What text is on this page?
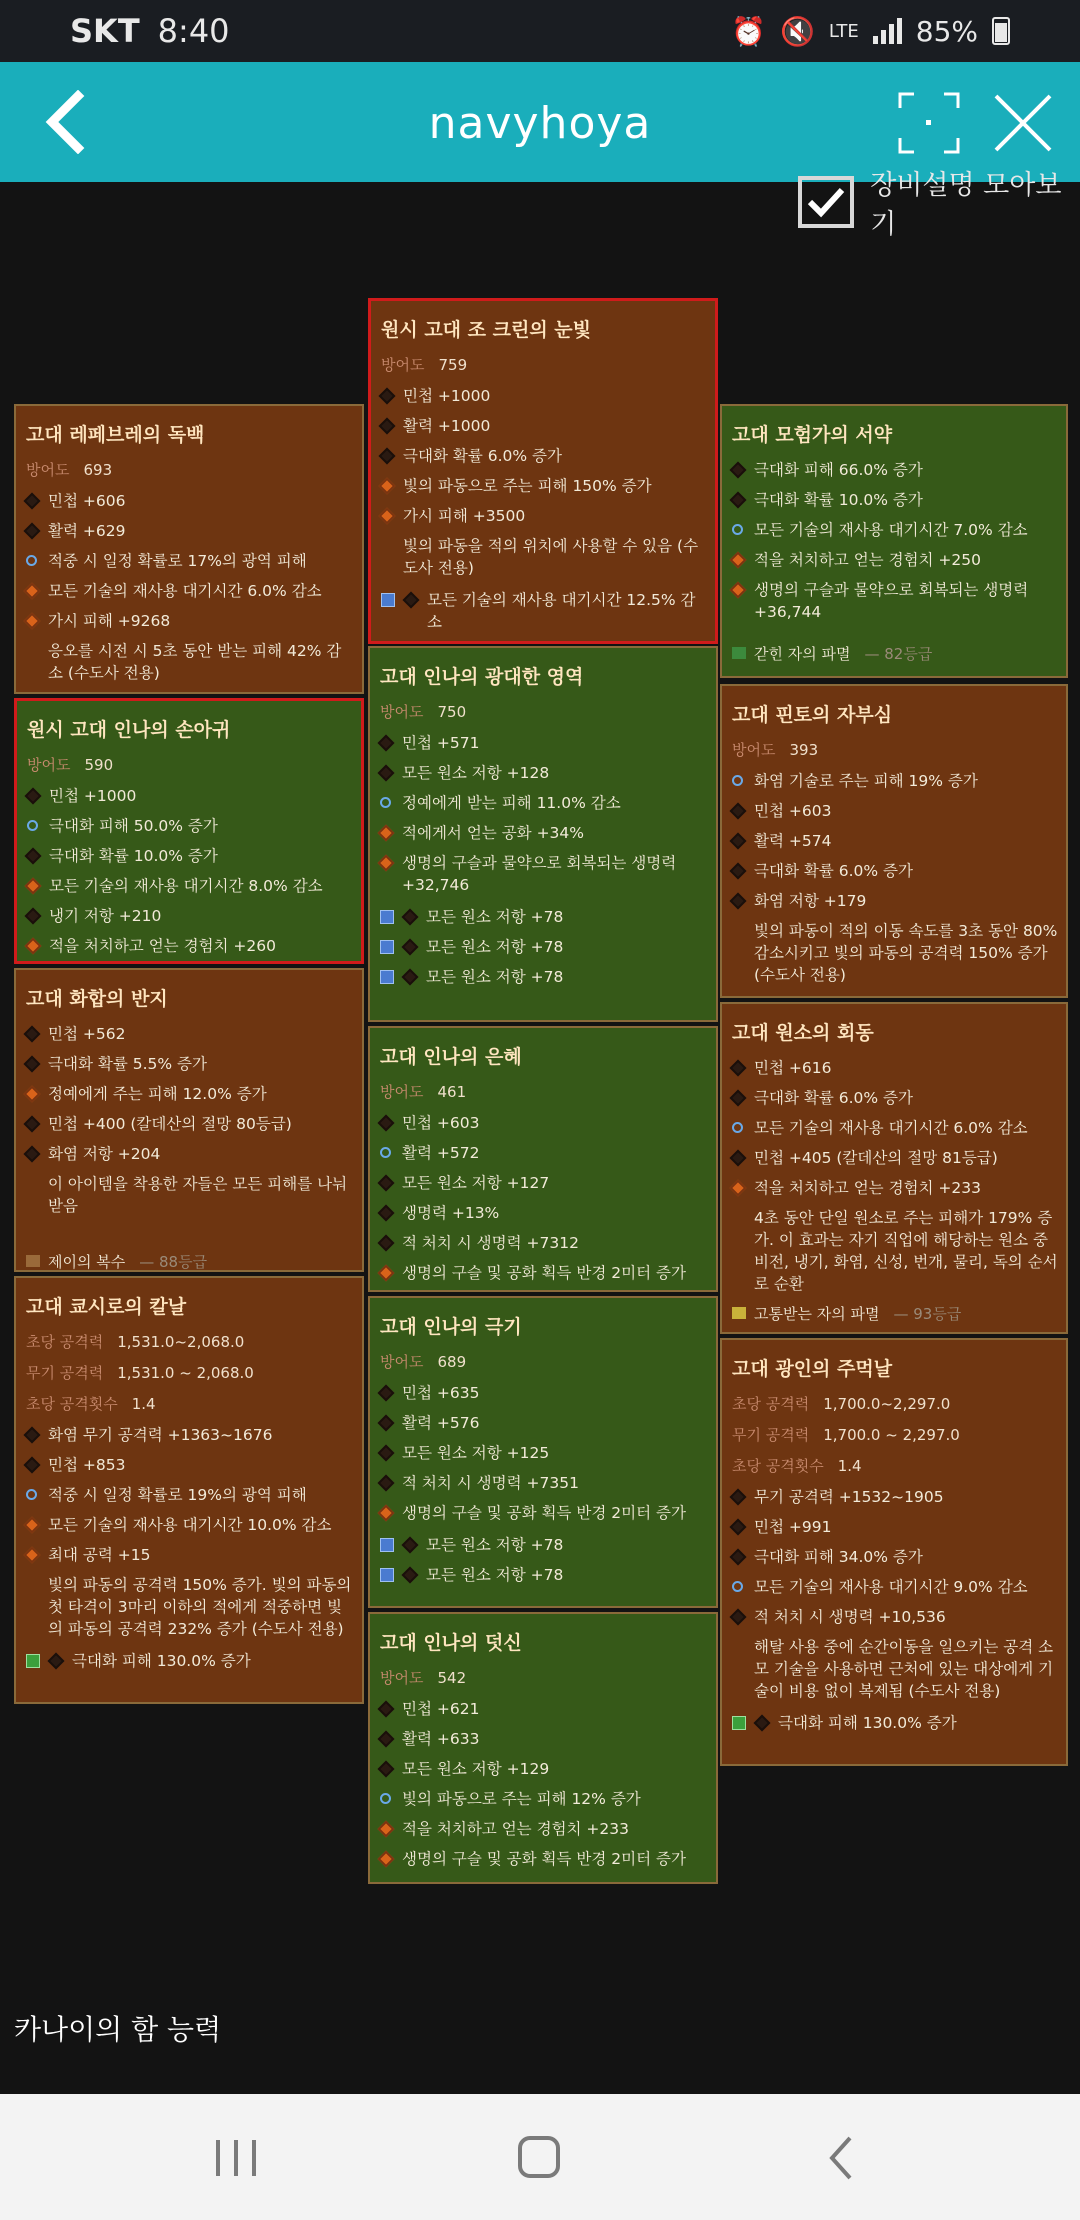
SKT 8:40	⏰ 🔇 LTE 85%
navyhoya
장비설명 모아보기
고대 레페브레의 독백
방어도 693
민첩 +606
활력 +629
적중 시 일정 확률로 17%의 광역 피해
모든 기술의 재사용 대기시간 6.0% 감소
가시 피해 +9268
응오를 시전 시 5초 동안 받는 피해 42% 감소 (수도사 전용)
원시 고대 인나의 손아귀
방어도 590
민첩 +1000
극대화 피해 50.0% 증가
극대화 확률 10.0% 증가
모든 기술의 재사용 대기시간 8.0% 감소
냉기 저항 +210
적을 처치하고 얻는 경험치 +260
고대 화합의 반지
민첩 +562
극대화 확률 5.5% 증가
정예에게 주는 피해 12.0% 증가
민첩 +400 (칼데산의 절망 80등급)
화염 저항 +204
이 아이템을 착용한 자들은 모든 피해를 나눠 받음
제이의 복수 — 88등급
고대 쿄시로의 칼날
초당 공격력 1,531.0~2,068.0
무기 공격력 1,531.0 ~ 2,068.0
초당 공격횟수 1.4
화염 무기 공격력 +1363~1676
민첩 +853
적중 시 일정 확률로 19%의 광역 피해
모든 기술의 재사용 대기시간 10.0% 감소
최대 공력 +15
빛의 파동의 공격력 150% 증가. 빛의 파동의 첫 타격이 3마리 이하의 적에게 적중하면 빛의 파동의 공격력 232% 증가 (수도사 전용)
극대화 피해 130.0% 증가
원시 고대 조 크린의 눈빛
방어도 759
민첩 +1000
활력 +1000
극대화 확률 6.0% 증가
빛의 파동으로 주는 피해 150% 증가
가시 피해 +3500
빛의 파동을 적의 위치에 사용할 수 있음 (수도사 전용)
모든 기술의 재사용 대기시간 12.5% 감소
고대 인나의 광대한 영역
방어도 750
민첩 +571
모든 원소 저항 +128
정예에게 받는 피해 11.0% 감소
적에게서 얻는 공화 +34%
생명의 구슬과 물약으로 회복되는 생명력 +32,746
모든 원소 저항 +78
모든 원소 저항 +78
모든 원소 저항 +78
고대 인나의 은혜
방어도 461
민첩 +603
활력 +572
모든 원소 저항 +127
생명력 +13%
적 처치 시 생명력 +7312
생명의 구슬 및 공화 획득 반경 2미터 증가
고대 인나의 극기
방어도 689
민첩 +635
활력 +576
모든 원소 저항 +125
적 처치 시 생명력 +7351
생명의 구슬 및 공화 획득 반경 2미터 증가
모든 원소 저항 +78
모든 원소 저항 +78
고대 인나의 덧신
방어도 542
민첩 +621
활력 +633
모든 원소 저항 +129
빛의 파동으로 주는 피해 12% 증가
적을 처치하고 얻는 경험치 +233
생명의 구슬 및 공화 획득 반경 2미터 증가
고대 모험가의 서약
극대화 피해 66.0% 증가
극대화 확률 10.0% 증가
모든 기술의 재사용 대기시간 7.0% 감소
적을 처치하고 얻는 경험치 +250
생명의 구슬과 물약으로 회복되는 생명력 +36,744
갇힌 자의 파멸 — 82등급
고대 핀토의 자부심
방어도 393
화염 기술로 주는 피해 19% 증가
민첩 +603
활력 +574
극대화 확률 6.0% 증가
화염 저항 +179
빛의 파동이 적의 이동 속도를 3초 동안 80% 감소시키고 빛의 파동의 공격력 150% 증가 (수도사 전용)
고대 원소의 회동
민첩 +616
극대화 확률 6.0% 증가
모든 기술의 재사용 대기시간 6.0% 감소
민첩 +405 (칼데산의 절망 81등급)
적을 처치하고 얻는 경험치 +233
4초 동안 단일 원소로 주는 피해가 179% 증가. 이 효과는 자기 직업에 해당하는 원소 중 비전, 냉기, 화염, 신성, 번개, 물리, 독의 순서로 순환
고통받는 자의 파멸 — 93등급
고대 광인의 주먹날
초당 공격력 1,700.0~2,297.0
무기 공격력 1,700.0 ~ 2,297.0
초당 공격횟수 1.4
무기 공격력 +1532~1905
민첩 +991
극대화 피해 34.0% 증가
모든 기술의 재사용 대기시간 9.0% 감소
적 처치 시 생명력 +10,536
해탈 사용 중에 순간이동을 일으키는 공격 소모 기술을 사용하면 근처에 있는 대상에게 기술이 비용 없이 복제됨 (수도사 전용)
극대화 피해 130.0% 증가
카나이의 함 능력
